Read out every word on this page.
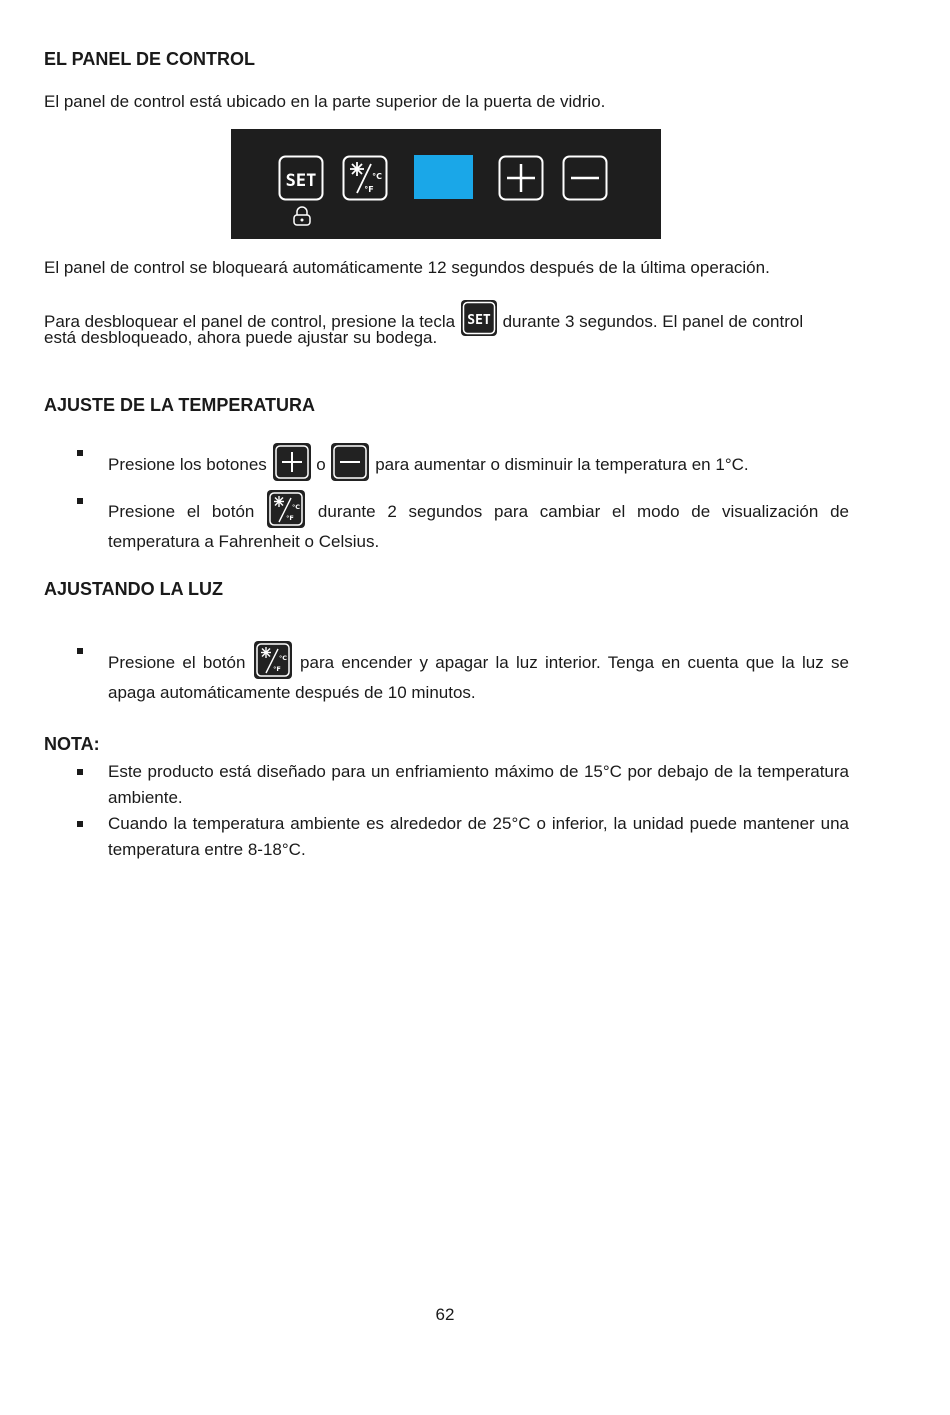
EL PANEL DE CONTROL

El panel de control está ubicado en la parte superior de la puerta de vidrio.

SET	°C
°F

El panel de control se bloqueará automáticamente 12 segundos después de la última operación.

Para desbloquear el panel de control, presione la tecla SET durante 3 segundos. El panel de control

está desbloqueado, ahora puede ajustar su bodega.

AJUSTE DE LA TEMPERATURA
Presione los botones	o	para aumentar o disminuir la temperatura en 1°C.
Presione el botón	°C
°F durante 2 segundos para cambiar el modo de visualización de temperatura a Fahrenheit o Celsius.
AJUSTANDO LA LUZ
Presione el botón	°C
°F para encender y apagar la luz interior. Tenga en cuenta que la luz se apaga automáticamente después de 10 minutos.
NOTA:
Este producto está diseñado para un enfriamiento máximo de 15°C por debajo de la temperatura ambiente.
Cuando la temperatura ambiente es alrededor de 25°C o inferior, la unidad puede mantener una temperatura entre 8-18°C.
62
